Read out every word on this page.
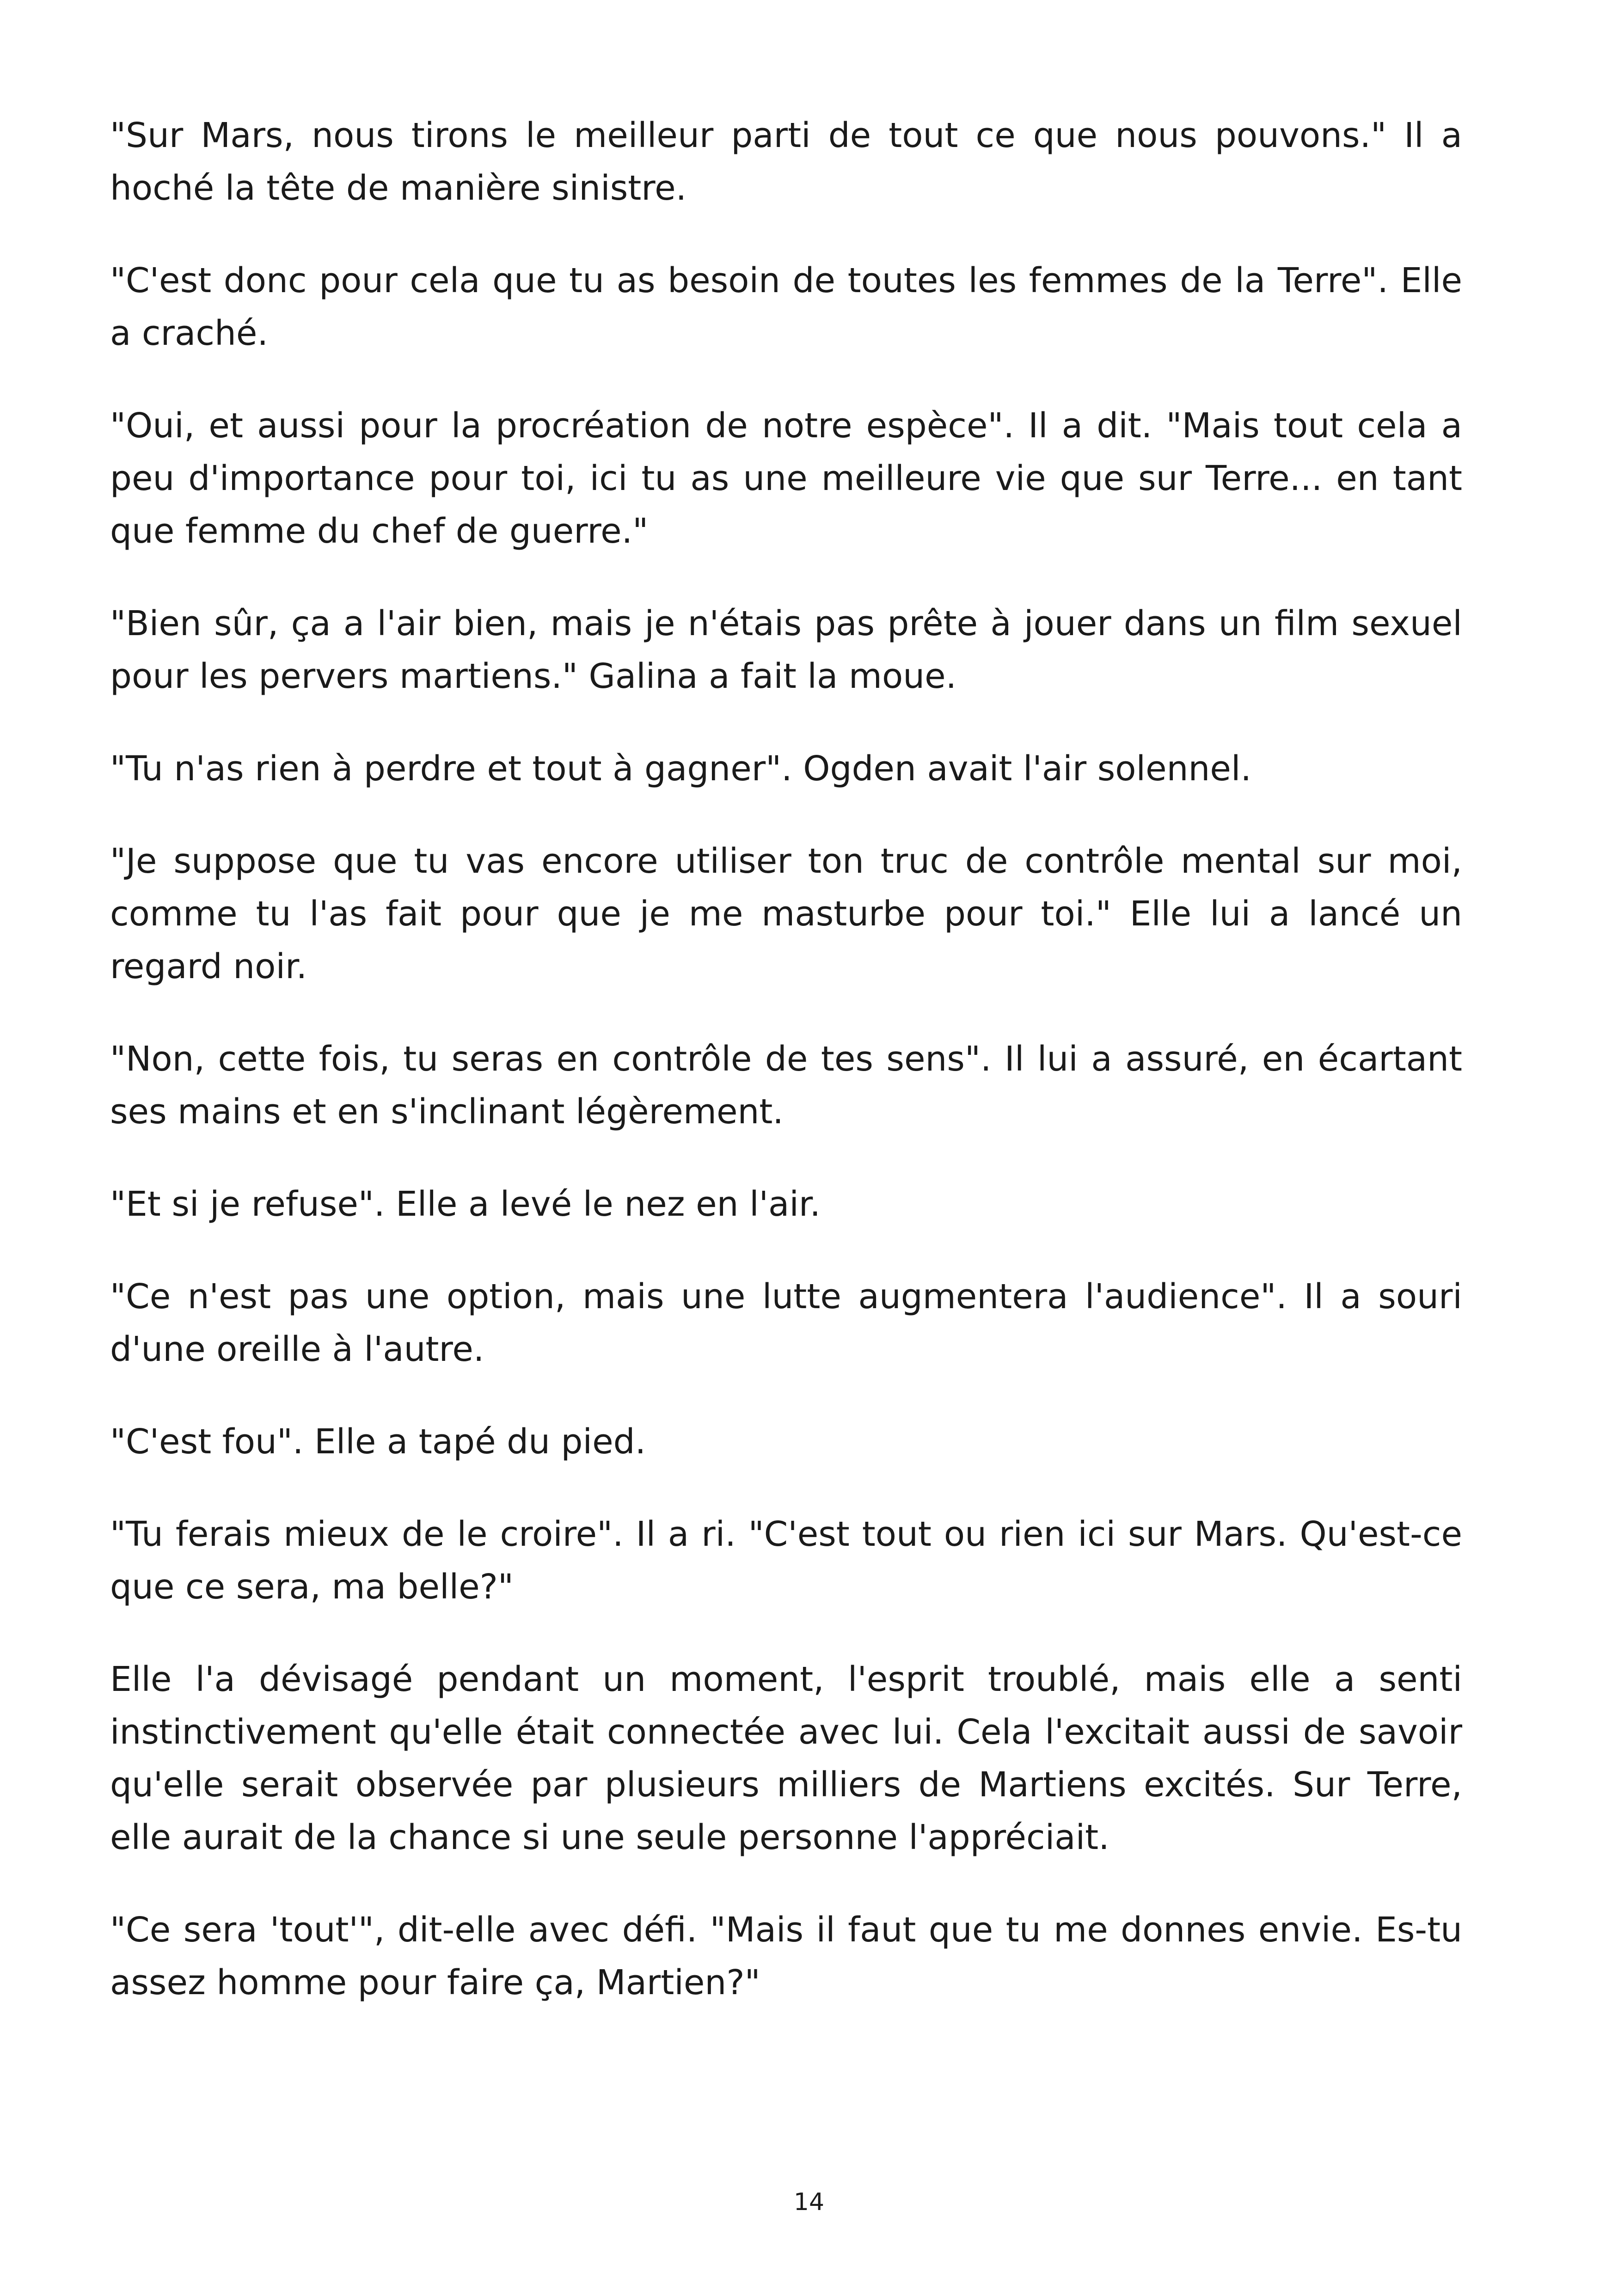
"Sur Mars, nous tirons le meilleur parti de tout ce que nous pouvons." Il a hoché la tête de manière sinistre.

"C'est donc pour cela que tu as besoin de toutes les femmes de la Terre". Elle a craché.

"Oui, et aussi pour la procréation de notre espèce". Il a dit. "Mais tout cela a peu d'importance pour toi, ici tu as une meilleure vie que sur Terre... en tant que femme du chef de guerre."

"Bien sûr, ça a l'air bien, mais je n'étais pas prête à jouer dans un film sexuel pour les pervers martiens." Galina a fait la moue.

"Tu n'as rien à perdre et tout à gagner". Ogden avait l'air solennel.

"Je suppose que tu vas encore utiliser ton truc de contrôle mental sur moi, comme tu l'as fait pour que je me masturbe pour toi." Elle lui a lancé un regard noir.

"Non, cette fois, tu seras en contrôle de tes sens". Il lui a assuré, en écartant ses mains et en s'inclinant légèrement.

"Et si je refuse". Elle a levé le nez en l'air.

"Ce n'est pas une option, mais une lutte augmentera l'audience". Il a souri d'une oreille à l'autre.

"C'est fou". Elle a tapé du pied.

"Tu ferais mieux de le croire". Il a ri. "C'est tout ou rien ici sur Mars. Qu'est-ce que ce sera, ma belle?"

Elle l'a dévisagé pendant un moment, l'esprit troublé, mais elle a senti instinctivement qu'elle était connectée avec lui. Cela l'excitait aussi de savoir qu'elle serait observée par plusieurs milliers de Martiens excités. Sur Terre, elle aurait de la chance si une seule personne l'appréciait.

"Ce sera 'tout'", dit-elle avec défi. "Mais il faut que tu me donnes envie. Es-tu assez homme pour faire ça, Martien?"

14
